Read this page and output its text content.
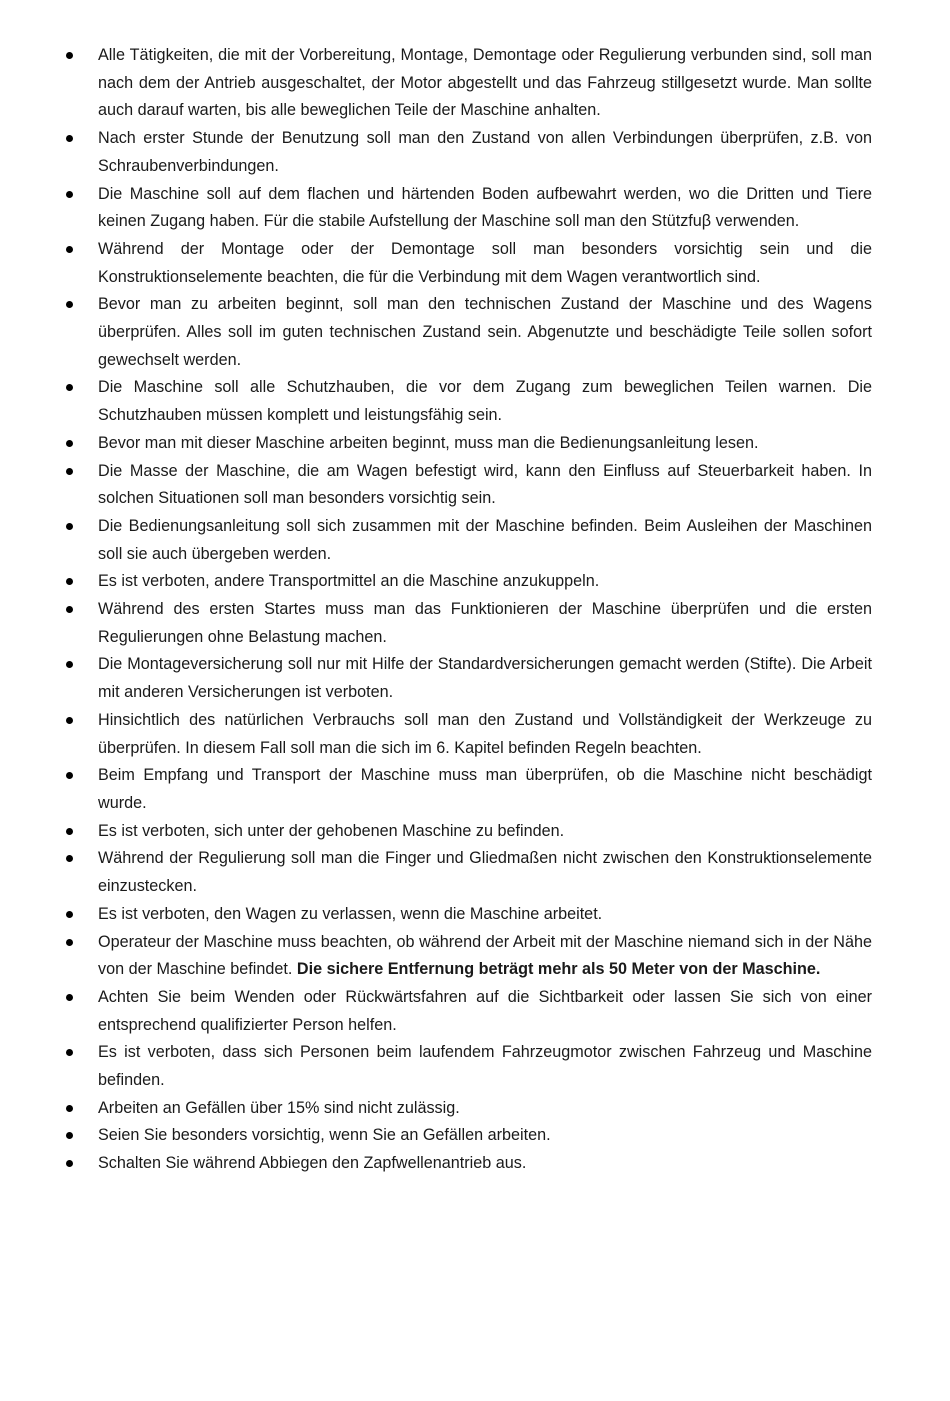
Alle Tätigkeiten, die mit der Vorbereitung, Montage, Demontage oder Regulierung verbunden sind, soll man nach dem der Antrieb ausgeschaltet, der Motor abgestellt und das Fahrzeug stillgesetzt wurde. Man sollte auch darauf warten, bis alle beweglichen Teile der Maschine anhalten.
Nach erster Stunde der Benutzung soll man den Zustand von allen Verbindungen überprüfen, z.B. von Schraubenverbindungen.
Die Maschine soll auf dem flachen und härtenden Boden aufbewahrt werden, wo die Dritten und Tiere keinen Zugang haben. Für die stabile Aufstellung der Maschine soll man den Stützfuβ verwenden.
Während der Montage oder der Demontage soll man besonders vorsichtig sein und die Konstruktionselemente beachten, die für die Verbindung mit dem Wagen verantwortlich sind.
Bevor man zu arbeiten beginnt, soll man den technischen Zustand der Maschine und des Wagens überprüfen. Alles soll im guten technischen Zustand sein. Abgenutzte und beschädigte Teile sollen sofort gewechselt werden.
Die Maschine soll alle Schutzhauben, die vor dem Zugang zum beweglichen Teilen warnen. Die Schutzhauben müssen komplett und leistungsfähig sein.
Bevor man mit dieser Maschine arbeiten beginnt, muss man die Bedienungsanleitung lesen.
Die Masse der Maschine, die am Wagen befestigt wird, kann den Einfluss auf Steuerbarkeit haben. In solchen Situationen soll man besonders vorsichtig sein.
Die Bedienungsanleitung soll sich zusammen mit der Maschine befinden. Beim Ausleihen der Maschinen soll sie auch übergeben werden.
Es ist verboten, andere Transportmittel an die Maschine anzukuppeln.
Während des ersten Startes muss man das Funktionieren der Maschine überprüfen und die ersten Regulierungen ohne Belastung machen.
Die Montageversicherung soll nur mit Hilfe der Standardversicherungen gemacht werden (Stifte). Die Arbeit mit anderen Versicherungen ist verboten.
Hinsichtlich des natürlichen Verbrauchs soll man den Zustand und Vollständigkeit der Werkzeuge zu überprüfen. In diesem Fall soll man die sich im 6. Kapitel befinden Regeln beachten.
Beim Empfang und Transport der Maschine muss man überprüfen, ob die Maschine nicht beschädigt wurde.
Es ist verboten, sich unter der gehobenen Maschine zu befinden.
Während der Regulierung soll man die Finger und Gliedmaßen nicht zwischen den Konstruktionselemente einzustecken.
Es ist verboten, den Wagen zu verlassen, wenn die Maschine arbeitet.
Operateur der Maschine muss beachten, ob während der Arbeit mit der Maschine niemand sich in der Nähe von der Maschine befindet. Die sichere Entfernung beträgt mehr als 50 Meter von der Maschine.
Achten Sie beim Wenden oder Rückwärtsfahren auf die Sichtbarkeit oder lassen Sie sich von einer entsprechend qualifizierter Person helfen.
Es ist verboten, dass sich Personen beim laufendem Fahrzeugmotor zwischen Fahrzeug und Maschine befinden.
Arbeiten an Gefällen über 15% sind nicht zulässig.
Seien Sie besonders vorsichtig, wenn Sie an Gefällen arbeiten.
Schalten Sie während Abbiegen den Zapfwellenantrieb aus.
